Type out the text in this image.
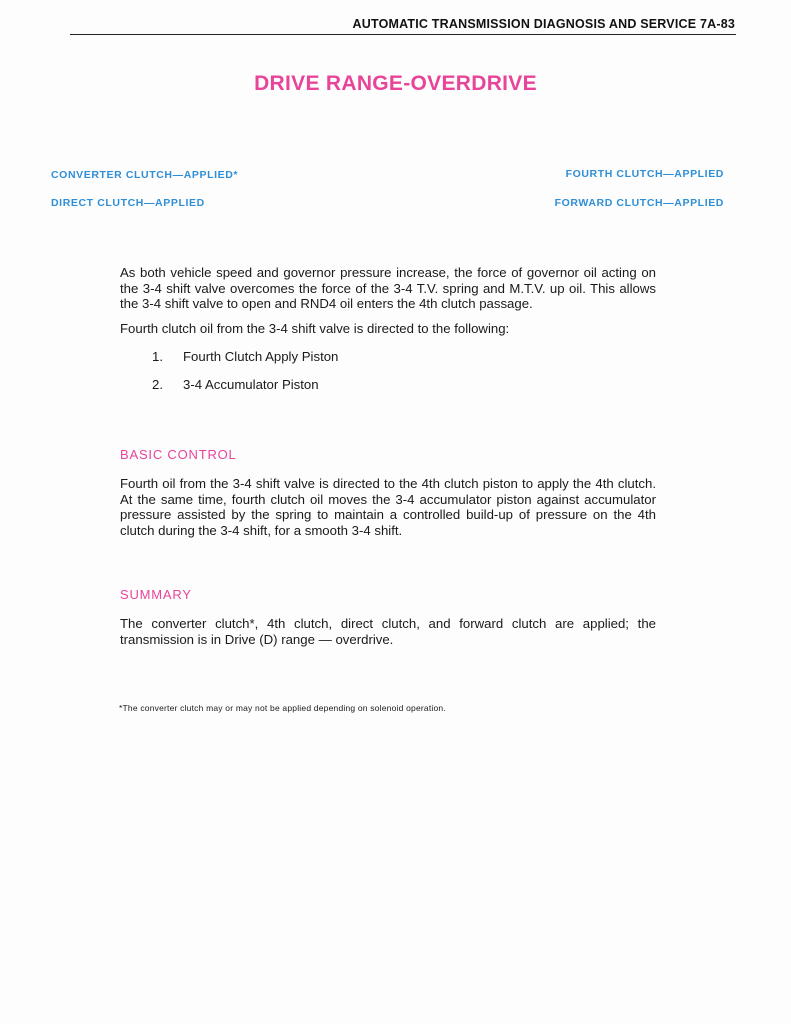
AUTOMATIC TRANSMISSION DIAGNOSIS AND SERVICE 7A-83
DRIVE RANGE-OVERDRIVE
CONVERTER CLUTCH—APPLIED*
DIRECT CLUTCH—APPLIED
FOURTH CLUTCH—APPLIED
FORWARD CLUTCH—APPLIED
As both vehicle speed and governor pressure increase, the force of governor oil acting on the 3-4 shift valve overcomes the force of the 3-4 T.V. spring and M.T.V. up oil. This allows the 3-4 shift valve to open and RND4 oil enters the 4th clutch passage.
Fourth clutch oil from the 3-4 shift valve is directed to the following:
1. Fourth Clutch Apply Piston
2. 3-4 Accumulator Piston
BASIC CONTROL
Fourth oil from the 3-4 shift valve is directed to the 4th clutch piston to apply the 4th clutch. At the same time, fourth clutch oil moves the 3-4 accumulator piston against accumulator pressure assisted by the spring to maintain a controlled build-up of pressure on the 4th clutch during the 3-4 shift, for a smooth 3-4 shift.
SUMMARY
The converter clutch*, 4th clutch, direct clutch, and forward clutch are applied; the transmission is in Drive (D) range — overdrive.
*The converter clutch may or may not be applied depending on solenoid operation.
